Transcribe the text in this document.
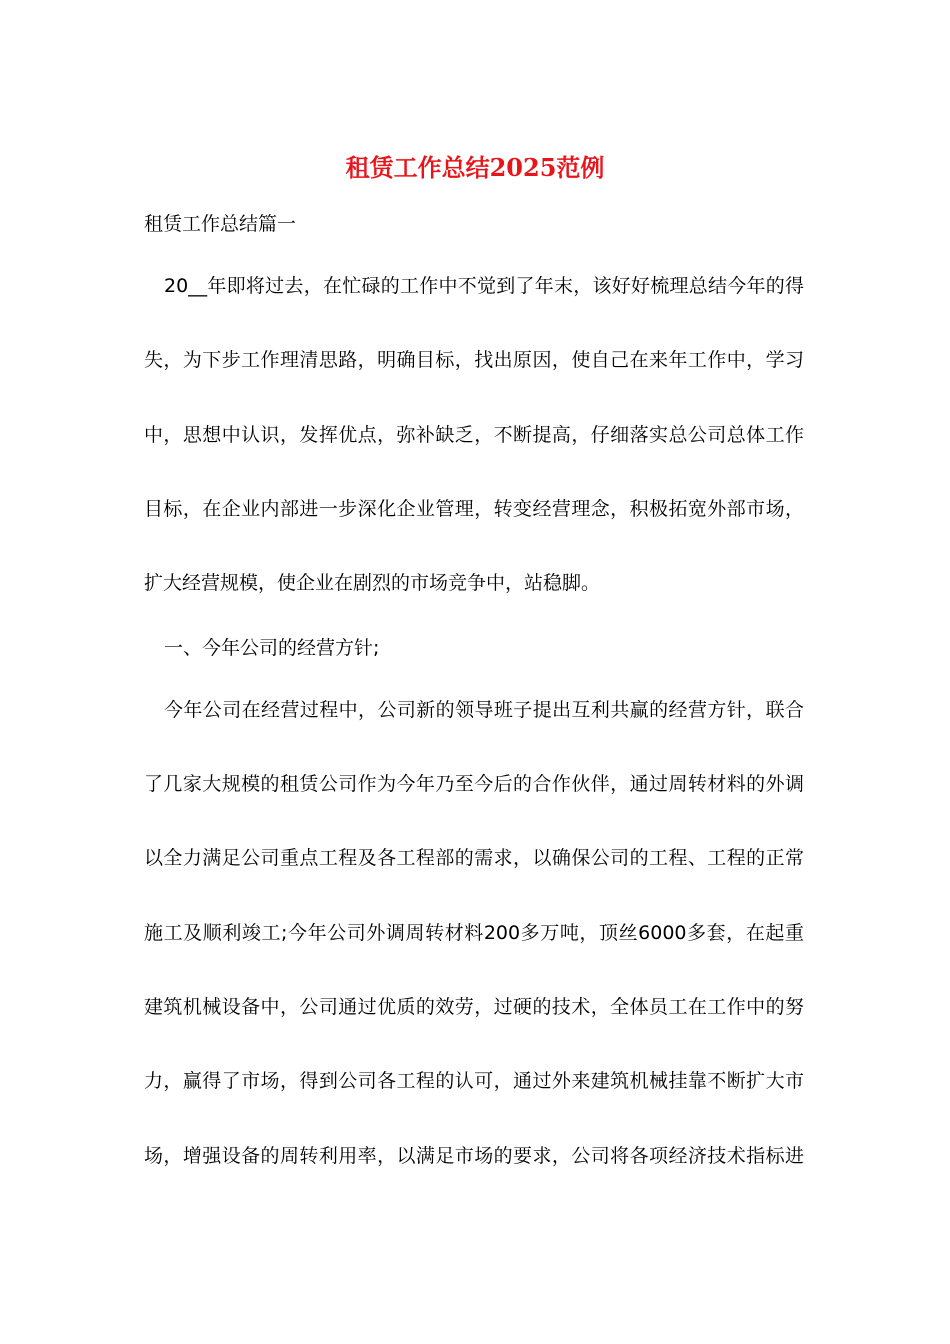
租赁工作总结2025范例
租赁工作总结篇一
20__年即将过去，在忙碌的工作中不觉到了年末，该好好梳理总结今年的得
失，为下步工作理清思路，明确目标，找出原因，使自己在来年工作中，学习
中，思想中认识，发挥优点，弥补缺乏，不断提高，仔细落实总公司总体工作
目标，在企业内部进一步深化企业管理，转变经营理念，积极拓宽外部市场，
扩大经营规模，使企业在剧烈的市场竞争中，站稳脚。
一、今年公司的经营方针;
今年公司在经营过程中，公司新的领导班子提出互利共赢的经营方针，联合
了几家大规模的租赁公司作为今年乃至今后的合作伙伴，通过周转材料的外调
以全力满足公司重点工程及各工程部的需求，以确保公司的工程、工程的正常
施工及顺利竣工;今年公司外调周转材料200多万吨，顶丝6000多套，在起重
建筑机械设备中，公司通过优质的效劳，过硬的技术，全体员工在工作中的努
力，赢得了市场，得到公司各工程的认可，通过外来建筑机械挂靠不断扩大市
场，增强设备的周转利用率，以满足市场的要求，公司将各项经济技术指标进
